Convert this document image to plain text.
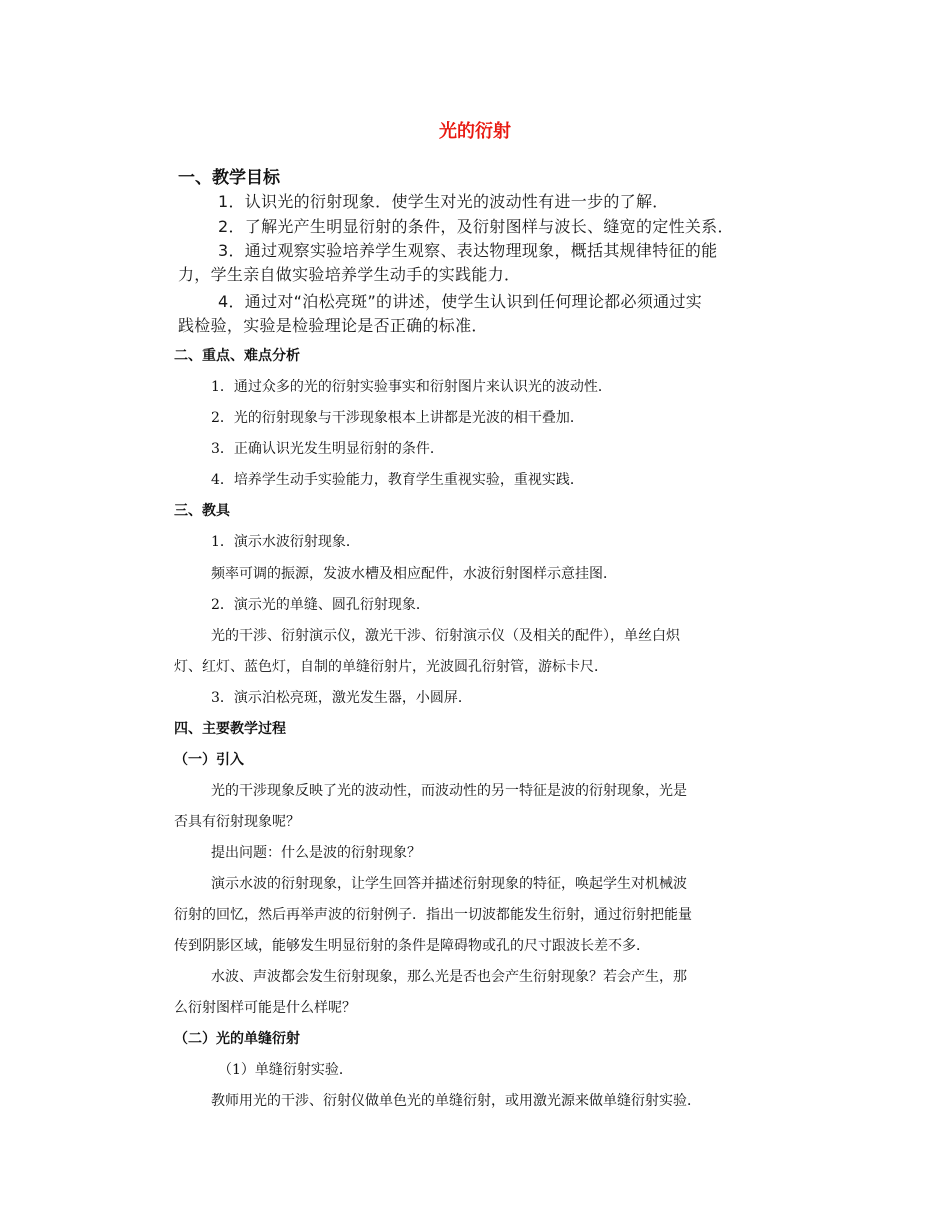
光的衍射
一、教学目标
1．认识光的衍射现象．使学生对光的波动性有进一步的了解．
2．了解光产生明显衍射的条件，及衍射图样与波长、缝宽的定性关系．
3．通过观察实验培养学生观察、表达物理现象，概括其规律特征的能
力，学生亲自做实验培养学生动手的实践能力．
4．通过对“泊松亮斑”的讲述，使学生认识到任何理论都必须通过实
践检验，实验是检验理论是否正确的标准．
二、重点、难点分析
1．通过众多的光的衍射实验事实和衍射图片来认识光的波动性．
2．光的衍射现象与干涉现象根本上讲都是光波的相干叠加．
3．正确认识光发生明显衍射的条件．
4．培养学生动手实验能力，教育学生重视实验，重视实践．
三、教具
1．演示水波衍射现象．
频率可调的振源，发波水槽及相应配件，水波衍射图样示意挂图．
2．演示光的单缝、圆孔衍射现象．
光的干涉、衍射演示仪，激光干涉、衍射演示仪（及相关的配件），单丝白炽
灯、红灯、蓝色灯，自制的单缝衍射片，光波圆孔衍射管，游标卡尺．
3．演示泊松亮斑，激光发生器，小圆屏．
四、主要教学过程
（一）引入
光的干涉现象反映了光的波动性，而波动性的另一特征是波的衍射现象，光是
否具有衍射现象呢？
提出问题：什么是波的衍射现象？
演示水波的衍射现象，让学生回答并描述衍射现象的特征，唤起学生对机械波
衍射的回忆，然后再举声波的衍射例子．指出一切波都能发生衍射，通过衍射把能量
传到阴影区域，能够发生明显衍射的条件是障碍物或孔的尺寸跟波长差不多．
水波、声波都会发生衍射现象，那么光是否也会产生衍射现象？若会产生，那
么衍射图样可能是什么样呢？
（二）光的单缝衍射
（1）单缝衍射实验．
教师用光的干涉、衍射仪做单色光的单缝衍射，或用激光源来做单缝衍射实验．
